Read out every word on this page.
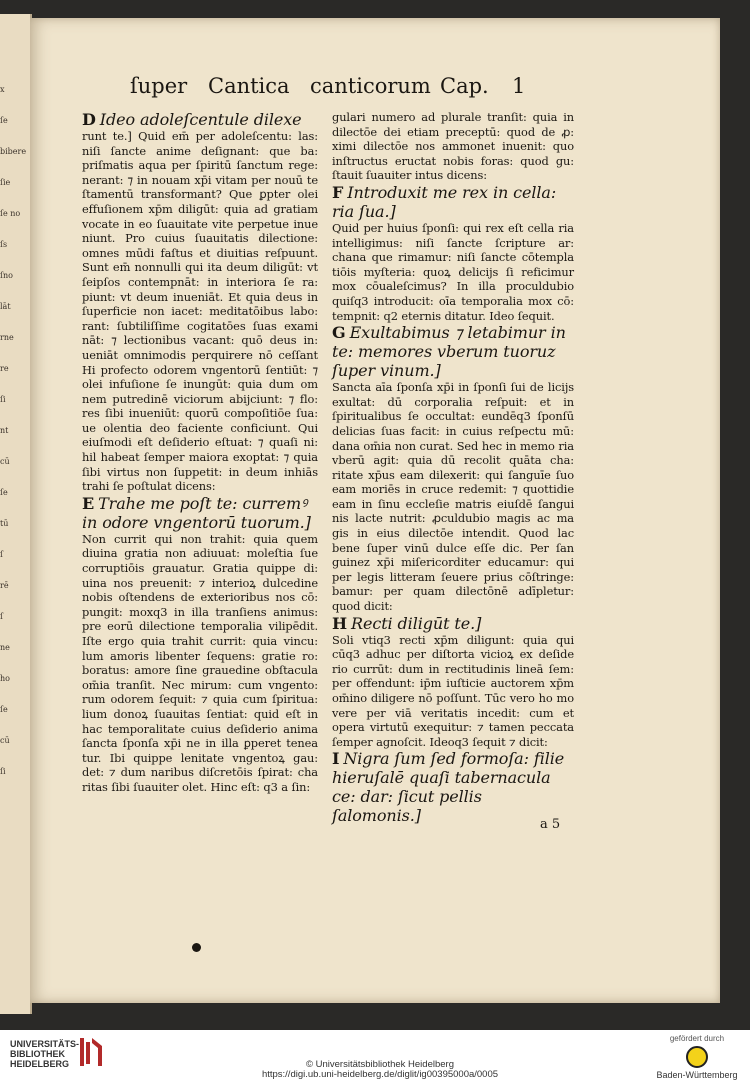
x
ſe
bibere
ſie
ſe no
ſs
ſno
lāt
rne
re
ſi
nt
cū
ſe
tū
ſ
rē
ſ
ne
ho
ſe
cū
ſi
ſuper Cantica canticorum Cap. 1

D Ideo adoleſcentule dilexe

runt te.] Quid em̄ per adoleſcentu: las: niſi ſancte anime deſignant: que ba: priſmatis aqua per ſpiritū ſanctum rege: nerant: ⁊ in nouam xp̄i vitam per nouū te ſtamentū transformant? Que ꝑpter olei effuſionem xp̄m diligūt: quia ad gratiam vocate in eo ſuauitate vite perpetue inue niunt. Pro cuius ſuauitatis dilectione: omnes mūdi faſtus et diuitias reſpuunt. Sunt em̄ nonnulli qui ita deum diligūt: vt ſeipſos contempnāt: in interiora ſe ra: piunt: vt deum inueniāt. Et quia deus in ſuperficie non iacet: meditatōibus labo: rant: ſubtiliſſime cogitatōes ſuas exami nāt: ⁊ lectionibus vacant: quō deus in: ueniāt omnimodis perquirere nō ceſſant Hi profecto odorem vngentorū ſentiūt: ⁊ olei infuſione ſe inungūt: quia dum om nem putredinē viciorum abijciunt: ⁊ flo: res ſibi inueniūt: quorū compoſitiōe ſua: ue olentia deo faciente conficiunt. Qui eiuſmodi eſt deſiderio eſtuat: ⁊ quaſi ni: hil habeat ſemper maiora exoptat: ⁊ quia ſibi virtus non ſuppetit: in deum inhiās trahi ſe poſtulat dicens:

E Trahe me poſt te: curremꝰ in odore vngentorū tuorum.]

Non currit qui non trahit: quia quem diuina gratia non adiuuat: moleſtia ſue corruptiōis grauatur. Gratia quippe di: uina nos preuenit: ⁊ interioꝝ dulcedine nobis oſtendens de exterioribus nos cō: pungit: moxq3 in illa tranſiens animus: pre eorū dilectione temporalia vilipēdit. Iſte ergo quia trahit currit: quia vincu: lum amoris libenter ſequens: gratie ro: boratus: amore ſine grauedine obſtacula om̄ia tranſit. Nec mirum: cum vngento: rum odorem ſequit: ⁊ quia cum ſpiritua: lium donoꝝ ſuauitas ſentiat: quid eſt in hac temporalitate cuius deſiderio anima ſancta ſponſa xp̄i ne in illa ꝑperet tenea tur. Ibi quippe lenitate vngentoꝝ gau: det: ⁊ dum naribus diſcretōis ſpirat: cha ritas ſibi ſuauiter olet. Hinc eſt: q3 a ſin:

gulari numero ad plurale tranſit: quia in dilectōe dei etiam preceptū: quod de ꝓ: ximi dilectōe nos ammonet inuenit: quo inſtructus eructat nobis foras: quod gu: ſtauit ſuauiter intus dicens:

F Introduxit me rex in cella: ria ſua.]

Quid per huius ſponſi: qui rex eſt cella ria intelligimus: niſi ſancte ſcripture ar: chana que rimamur: niſi ſancte cōtempla tiōis myſteria: quoꝝ delicijs ſi reficimur mox cōualeſcimus? In illa proculdubio quiſq3 introducit: oīa temporalia mox cō: tempnit: q2 eternis ditatur. Ideo ſequit.

G Exultabimus ⁊ letabimur in te: memores vberum tuoruz ſuper vinum.]

Sancta aīa ſponſa xp̄i in ſponſi ſui de licijs exultat: dū corporalia reſpuit: et in ſpiritualibus ſe occultat: eundēq3 ſponſū delicias ſuas facit: in cuius reſpectu mū: dana om̄ia non curat. Sed hec in memo ria vberū agit: quia dū recolit quāta cha: ritate xp̄us eam dilexerit: qui ſanguīe ſuo eam moriēs in cruce redemit: ⁊ quottidie eam in ſinu eccleſie matris eiuſdē ſangui nis lacte nutrit: ꝓculdubio magis ac ma gis in eius dilectōe intendit. Quod lac bene ſuper vinū dulce eſſe dic. Per ſan guinez xp̄i miſericorditer educamur: qui per legis litteram ſeuere prius cōſtringe: bamur: per quam dilectōnē adīpletur: quod dicit:

H Recti diligūt te.]

Soli vtiq3 recti xp̄m diligunt: quia qui cūq3 adhuc per diſtorta vicioꝝ ex deſide rio currūt: dum in rectitudinis lineā ſem: per offendunt: ip̄m iuſticie auctorem xp̄m om̄ino diligere nō poſſunt. Tūc vero ho mo vere per viā veritatis incedit: cum et opera virtutū exequitur: ⁊ tamen peccata ſemper agnoſcit. Ideoq3 ſequit ⁊ dicit:

I Nigra ſum ſed formoſa: filie hieruſalē quaſi tabernacula ce: dar: ſicut pellis ſalomonis.]	a 5
UNIVERSITÄTS-
BIBLIOTHEK
HEIDELBERG	© Universitätsbibliothek Heidelberg
https://digi.ub.uni-heidelberg.de/diglit/ig00395000a/0005
gefördert durch
Baden-Württemberg
